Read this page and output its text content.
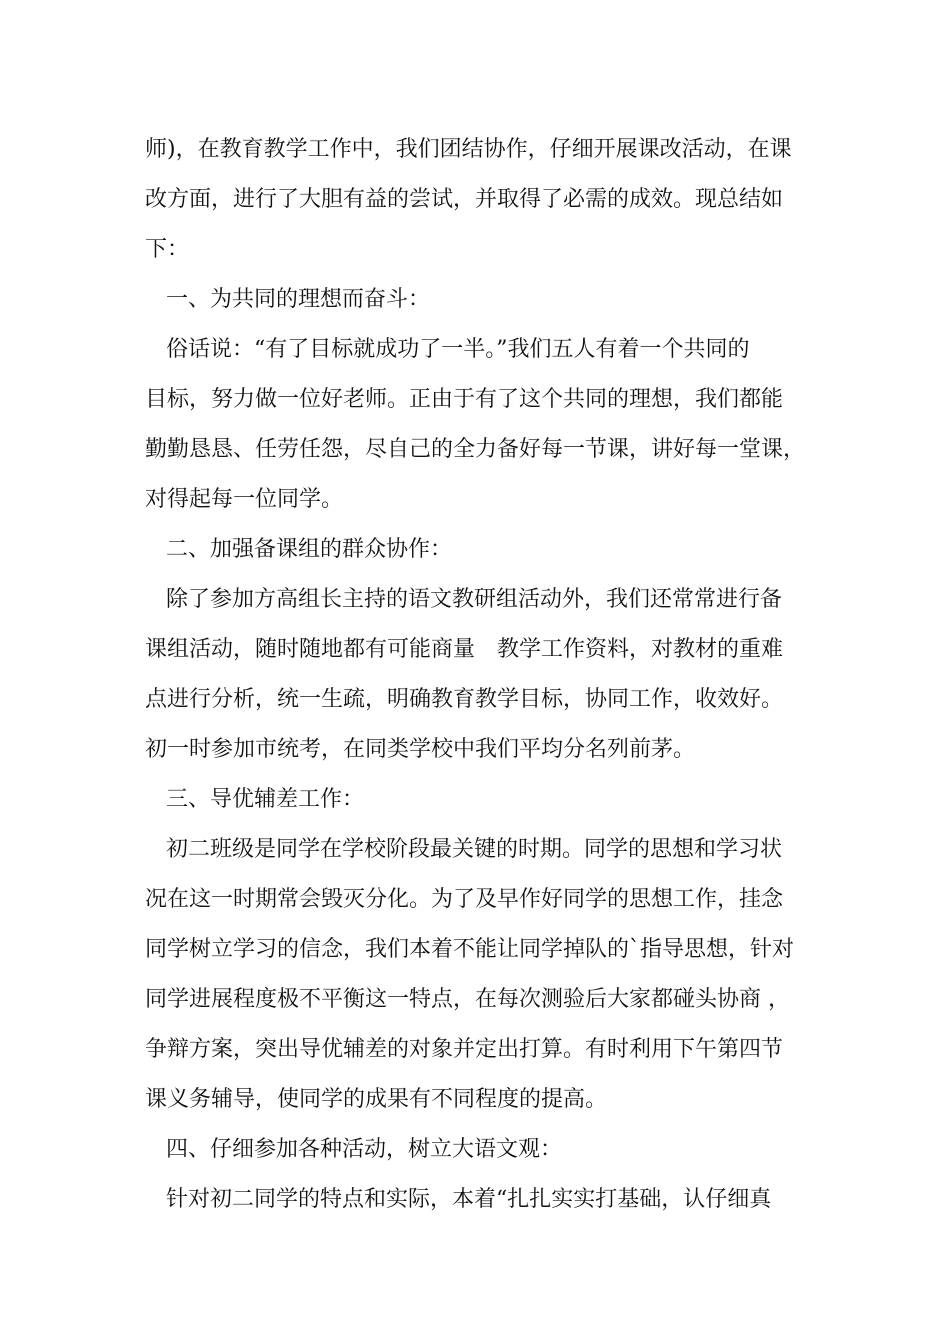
师)，在教育教学工作中，我们团结协作，仔细开展课改活动，在课
改方面，进行了大胆有益的尝试，并取得了必需的成效。现总结如
下：
一、为共同的理想而奋斗：
俗话说：“有了目标就成功了一半。”我们五人有着一个共同的
目标，努力做一位好老师。正由于有了这个共同的理想，我们都能
勤勤恳恳、任劳任怨，尽自己的全力备好每一节课，讲好每一堂课，
对得起每一位同学。
二、加强备课组的群众协作：
除了参加方高组长主持的语文教研组活动外，我们还常常进行备
课组活动，随时随地都有可能商量　教学工作资料，对教材的重难
点进行分析，统一生疏，明确教育教学目标，协同工作，收效好。
初一时参加市统考，在同类学校中我们平均分名列前茅。
三、导优辅差工作：
初二班级是同学在学校阶段最关键的时期。同学的思想和学习状
况在这一时期常会毁灭分化。为了及早作好同学的思想工作，挂念
同学树立学习的信念，我们本着不能让同学掉队的`指导思想，针对
同学进展程度极不平衡这一特点，在每次测验后大家都碰头协商 ，
争辩方案，突出导优辅差的对象并定出打算。有时利用下午第四节
课义务辅导，使同学的成果有不同程度的提高。
四、仔细参加各种活动，树立大语文观：
针对初二同学的特点和实际，本着“扎扎实实打基础，认仔细真
